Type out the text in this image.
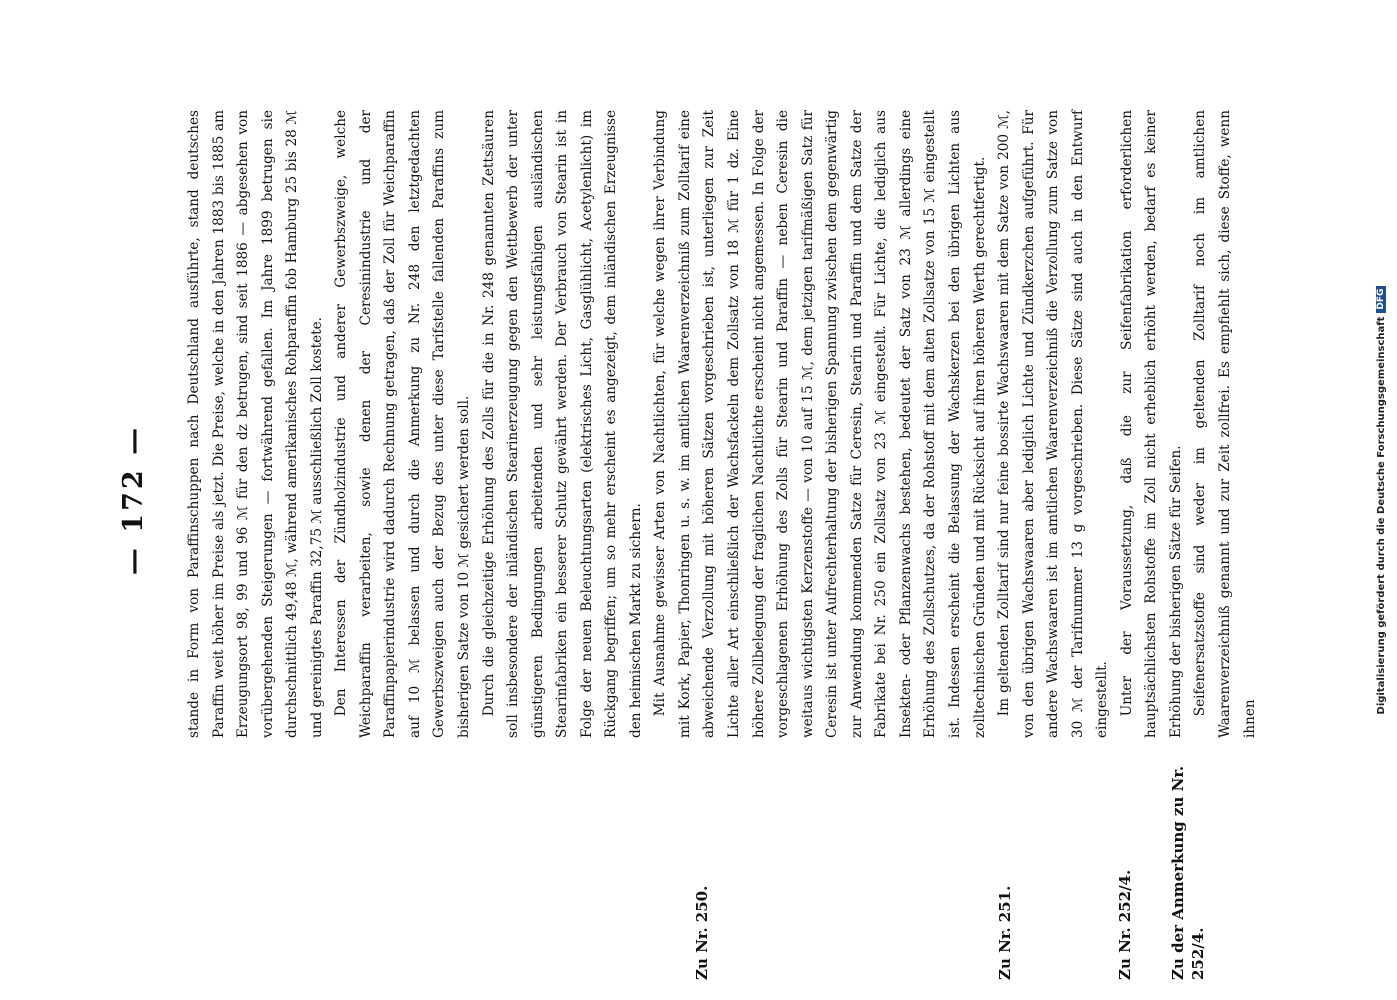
— 172 —
Zu Nr. 250.	Zu Nr. 251.	Zu Nr. 252/4. Zu der Anmerkung zu Nr. 252/4.

stande in Form von Paraffinschuppen nach Deutschland ausführte, stand deutsches Paraffin weit höher im Preise als jetzt. Die Preise, welche in den Jahren 1883 bis 1885 am Erzeugungsort 98, 99 und 96 ℳ für den dz betrugen, sind seit 1886 — abgesehen von vorübergehenden Steigerungen — fortwährend gefallen. Im Jahre 1899 betrugen sie durchschnittlich 49,48 ℳ, während amerikanisches Rohparaffin fob Hamburg 25 bis 28 ℳ und gereinigtes Paraffin 32,75 ℳ ausschließlich Zoll kostete. Den Interessen der Zündholzindustrie und anderer Gewerbszweige, welche Weichparaffin verarbeiten, sowie denen der Ceresinindustrie und der Paraffinpapierindustrie wird dadurch Rechnung getragen, daß der Zoll für Weichparaffin auf 10 ℳ belassen und durch die Anmerkung zu Nr. 248 den letztgedachten Gewerbszweigen auch der Bezug des unter diese Tarifstelle fallenden Paraffins zum bisherigen Satze von 10 ℳ gesichert werden soll. Durch die gleichzeitige Erhöhung des Zolls für die in Nr. 248 genannten Zettsäuren soll insbesondere der inländischen Stearinerzeugung gegen den Wettbewerb der unter günstigeren Bedingungen arbeitenden und sehr leistungsfähigen ausländischen Stearinfabriken ein besserer Schutz gewährt werden. Der Verbrauch von Stearin ist in Folge der neuen Beleuchtungsarten (elektrisches Licht, Gasglühlicht, Acetylenlicht) im Rückgang begriffen; um so mehr erscheint es angezeigt, dem inländischen Erzeugnisse den heimischen Markt zu sichern. Mit Ausnahme gewisser Arten von Nachtlichten, für welche wegen ihrer Verbindung mit Kork, Papier, Thonringen u. s. w. im amtlichen Waarenverzeichniß zum Zolltarif eine abweichende Verzollung mit höheren Sätzen vorgeschrieben ist, unterliegen zur Zeit Lichte aller Art einschließlich der Wachsfackeln dem Zollsatz von 18 ℳ für 1 dz. Eine höhere Zollbelegung der fraglichen Nachtlichte erscheint nicht angemessen. In Folge der vorgeschlagenen Erhöhung des Zolls für Stearin und Paraffin — neben Ceresin die weitaus wichtigsten Kerzenstoffe — von 10 auf 15 ℳ, dem jetzigen tarifmäßigen Satz für Ceresin ist unter Aufrechterhaltung der bisherigen Spannung zwischen dem gegenwärtig zur Anwendung kommenden Satze für Ceresin, Stearin und Paraffin und dem Satze der Fabrikate bei Nr. 250 ein Zollsatz von 23 ℳ eingestellt. Für Lichte, die lediglich aus Insekten- oder Pflanzenwachs bestehen, bedeutet der Satz von 23 ℳ allerdings eine Erhöhung des Zollschutzes, da der Rohstoff mit dem alten Zollsatze von 15 ℳ eingestellt ist. Indessen erscheint die Belassung der Wachskerzen bei den übrigen Lichten aus zolltechnischen Gründen und mit Rücksicht auf ihren höheren Werth gerechtfertigt. Im geltenden Zolltarif sind nur feine bossirte Wachswaaren mit dem Satze von 200 ℳ, von den übrigen Wachswaaren aber lediglich Lichte und Zündkerzchen aufgeführt. Für andere Wachswaaren ist im amtlichen Waarenverzeichniß die Verzollung zum Satze von 30 ℳ der Tarifnummer 13 g vorgeschrieben. Diese Sätze sind auch in den Entwurf eingestellt. Unter der Voraussetzung, daß die zur Seifenfabrikation erforderlichen hauptsächlichsten Rohstoffe im Zoll nicht erheblich erhöht werden, bedarf es keiner Erhöhung der bisherigen Sätze für Seifen. Seifenersatzstoffe sind weder im geltenden Zolltarif noch im amtlichen Waarenverzeichniß genannt und zur Zeit zollfrei. Es empfiehlt sich, diese Stoffe, wenn ihnen

Digitalisierung gefördert durch die Deutsche ForschungsgemeinschaftDFG
